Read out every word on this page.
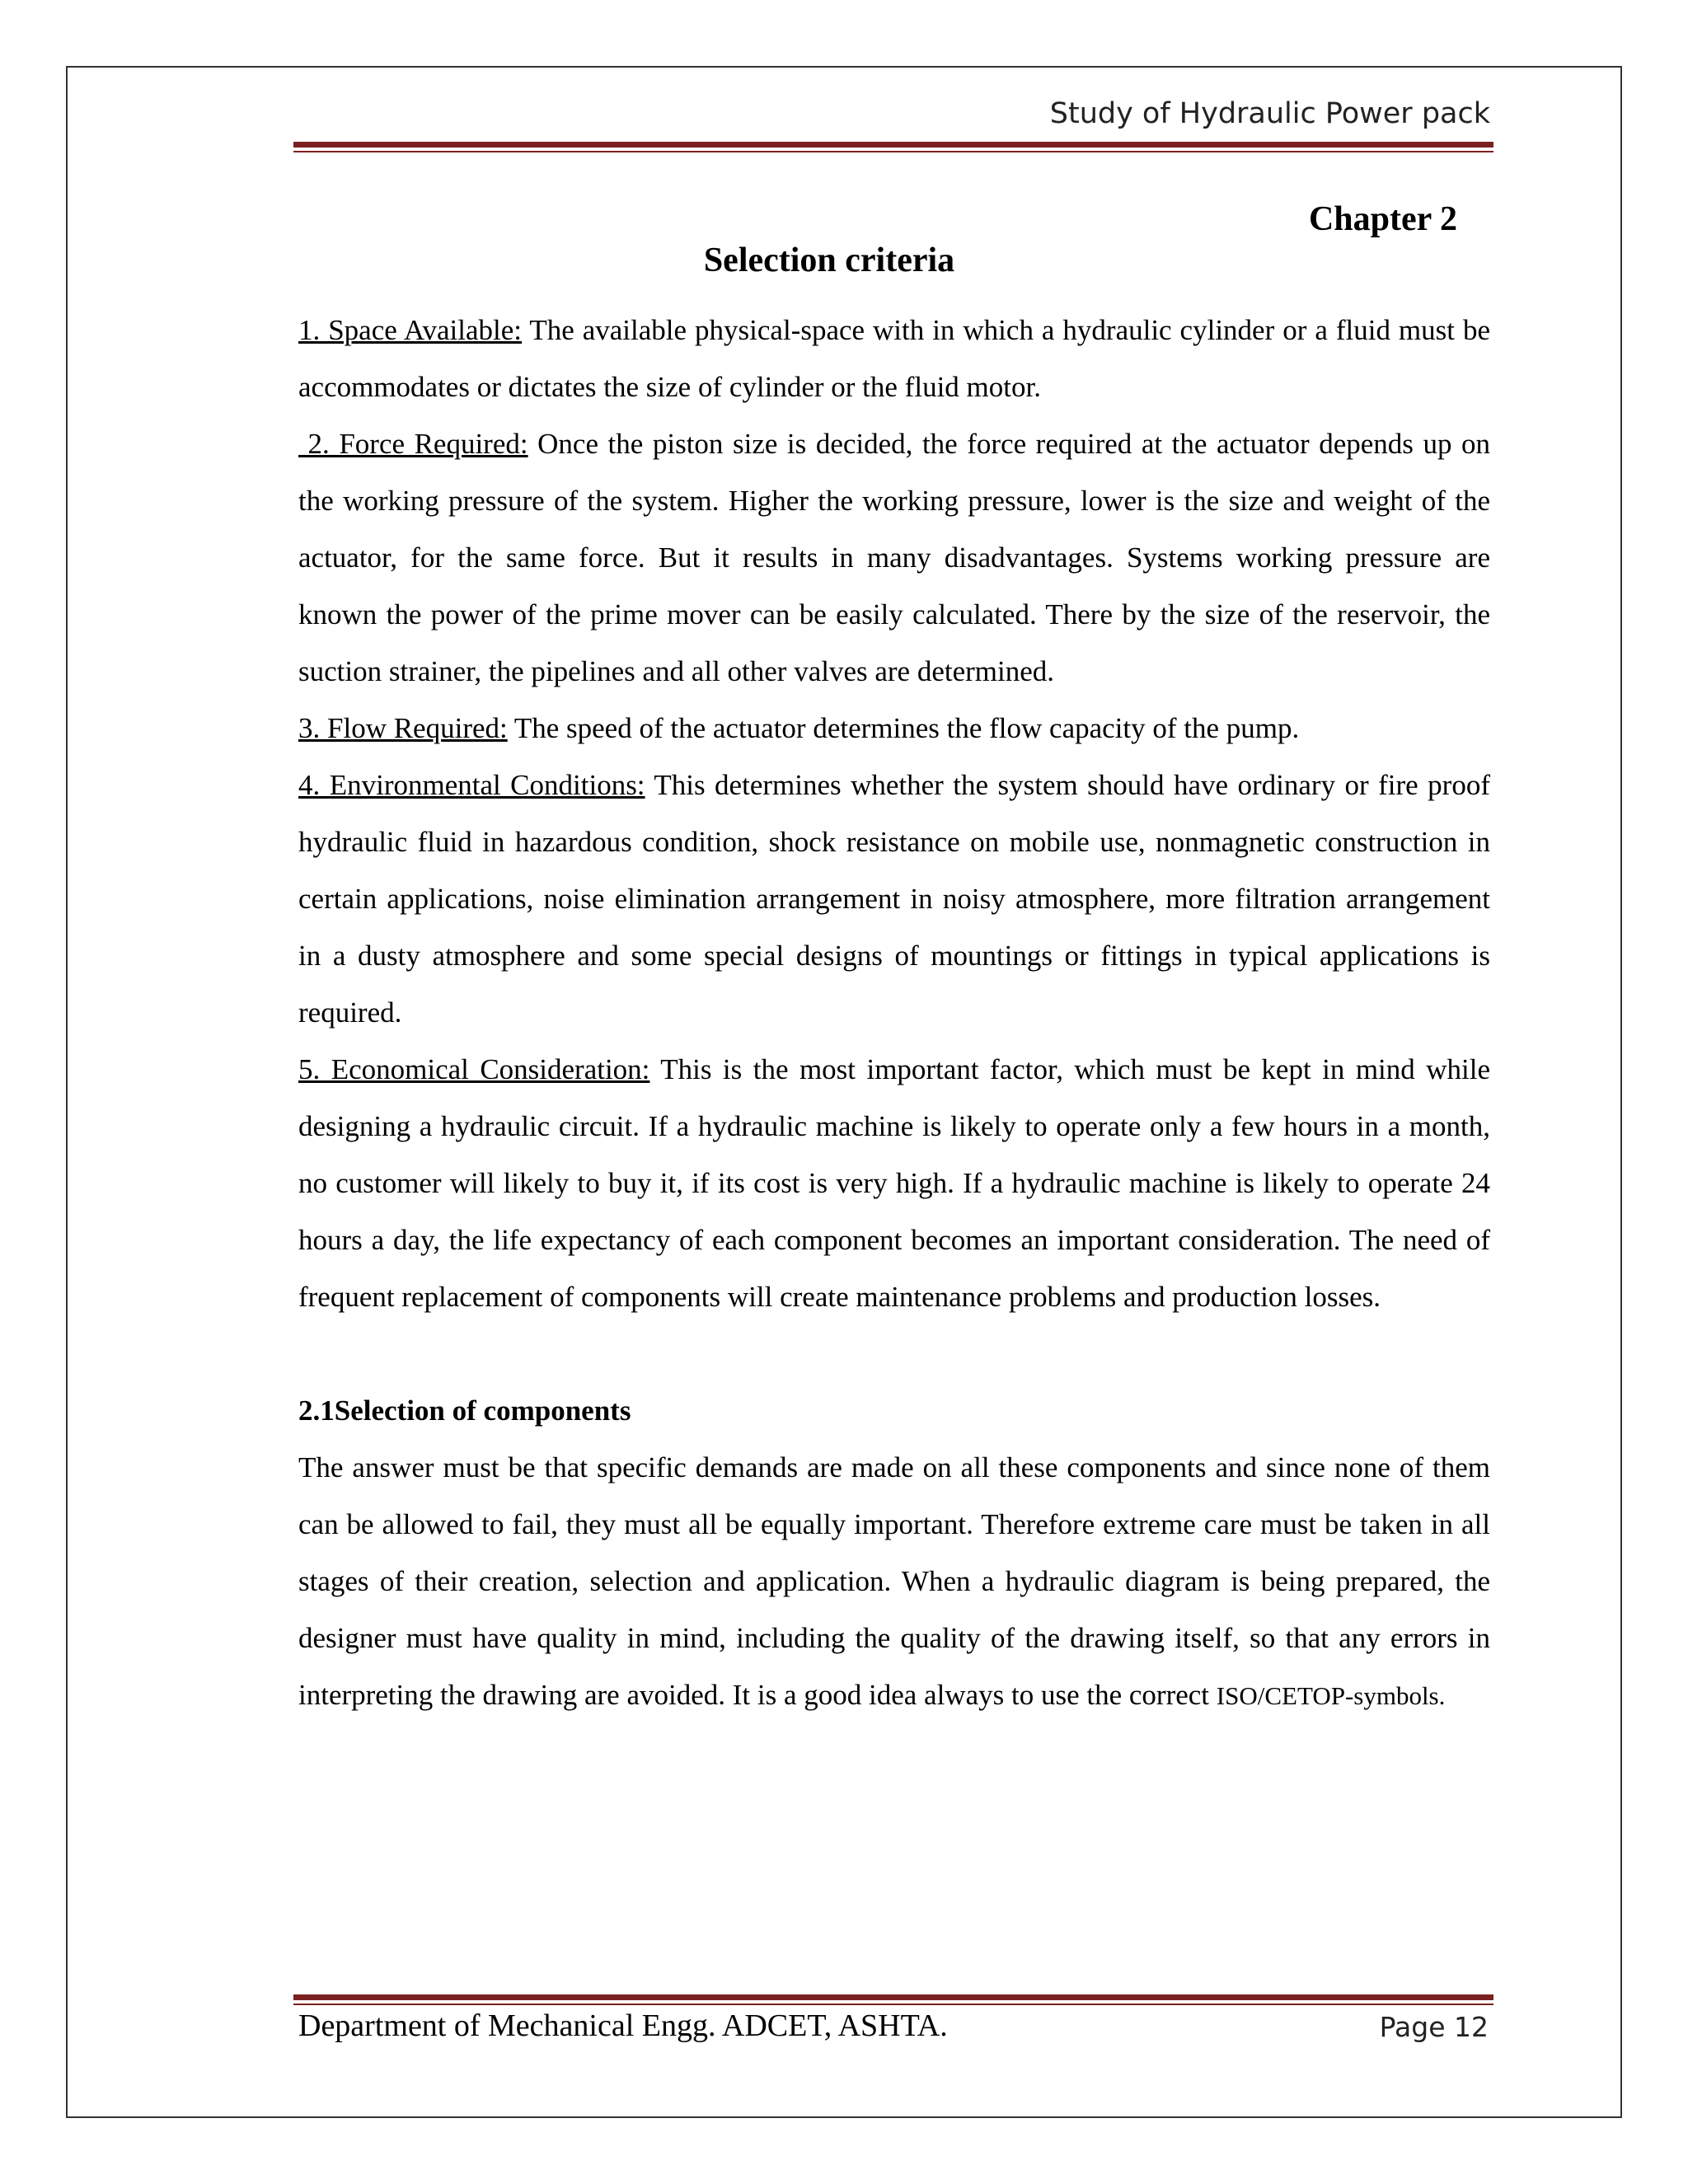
Study of Hydraulic Power pack
Chapter 2
Selection criteria

1. Space Available: The available physical-space with in which a hydraulic cylinder or a fluid must be accommodates or dictates the size of cylinder or the fluid motor.

2. Force Required: Once the piston size is decided, the force required at the actuator depends up on the working pressure of the system. Higher the working pressure, lower is the size and weight of the actuator, for the same force. But it results in many disadvantages. Systems working pressure are known the power of the prime mover can be easily calculated. There by the size of the reservoir, the suction strainer, the pipelines and all other valves are determined.

3. Flow Required: The speed of the actuator determines the flow capacity of the pump.

4. Environmental Conditions: This determines whether the system should have ordinary or fire proof hydraulic fluid in hazardous condition, shock resistance on mobile use, nonmagnetic construction in certain applications, noise elimination arrangement in noisy atmosphere, more filtration arrangement in a dusty atmosphere and some special designs of mountings or fittings in typical applications is required.

5. Economical Consideration: This is the most important factor, which must be kept in mind while designing a hydraulic circuit. If a hydraulic machine is likely to operate only a few hours in a month, no customer will likely to buy it, if its cost is very high. If a hydraulic machine is likely to operate 24 hours a day, the life expectancy of each component becomes an important consideration. The need of frequent replacement of components will create maintenance problems and production losses.

2.1Selection of components

The answer must be that specific demands are made on all these components and since none of them can be allowed to fail, they must all be equally important. Therefore extreme care must be taken in all stages of their creation, selection and application. When a hydraulic diagram is being prepared, the designer must have quality in mind, including the quality of the drawing itself, so that any errors in interpreting the drawing are avoided. It is a good idea always to use the correct ISO/CETOP-symbols.

Department of Mechanical Engg. ADCET, ASHTA.	Page 12
